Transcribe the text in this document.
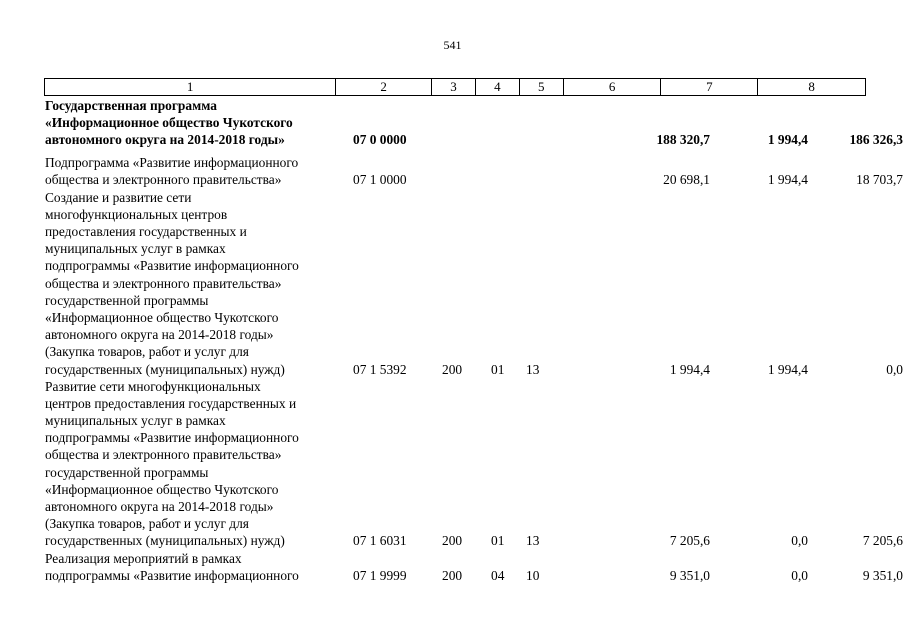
541
1	2	3	4	5	6	7	8
Государственная программа
«Информационное общество Чукотского
автономного округа на 2014-2018 годы»	07 0 0000	188 320,7	1 994,4	186 326,3
Подпрограмма «Развитие информационного
общества и электронного правительства»	07 1 0000	20 698,1	1 994,4	18 703,7
Создание и развитие сети
многофункциональных центров
предоставления государственных и
муниципальных услуг в рамках
подпрограммы «Развитие информационного
общества и электронного правительства»
государственной программы
«Информационное общество Чукотского
автономного округа на 2014-2018 годы»
(Закупка товаров, работ и услуг для
государственных (муниципальных) нужд)	07 1 5392	200 01 13	1 994,4	1 994,4	0,0
Развитие сети многофункциональных
центров предоставления государственных и
муниципальных услуг в рамках
подпрограммы «Развитие информационного
общества и электронного правительства»
государственной программы
«Информационное общество Чукотского
автономного округа на 2014-2018 годы»
(Закупка товаров, работ и услуг для
государственных (муниципальных) нужд)	07 1 6031	200 01 13	7 205,6	0,0	7 205,6
Реализация мероприятий в рамках
подпрограммы «Развитие информационного	07 1 9999	200 04 10	9 351,0	0,0	9 351,0
